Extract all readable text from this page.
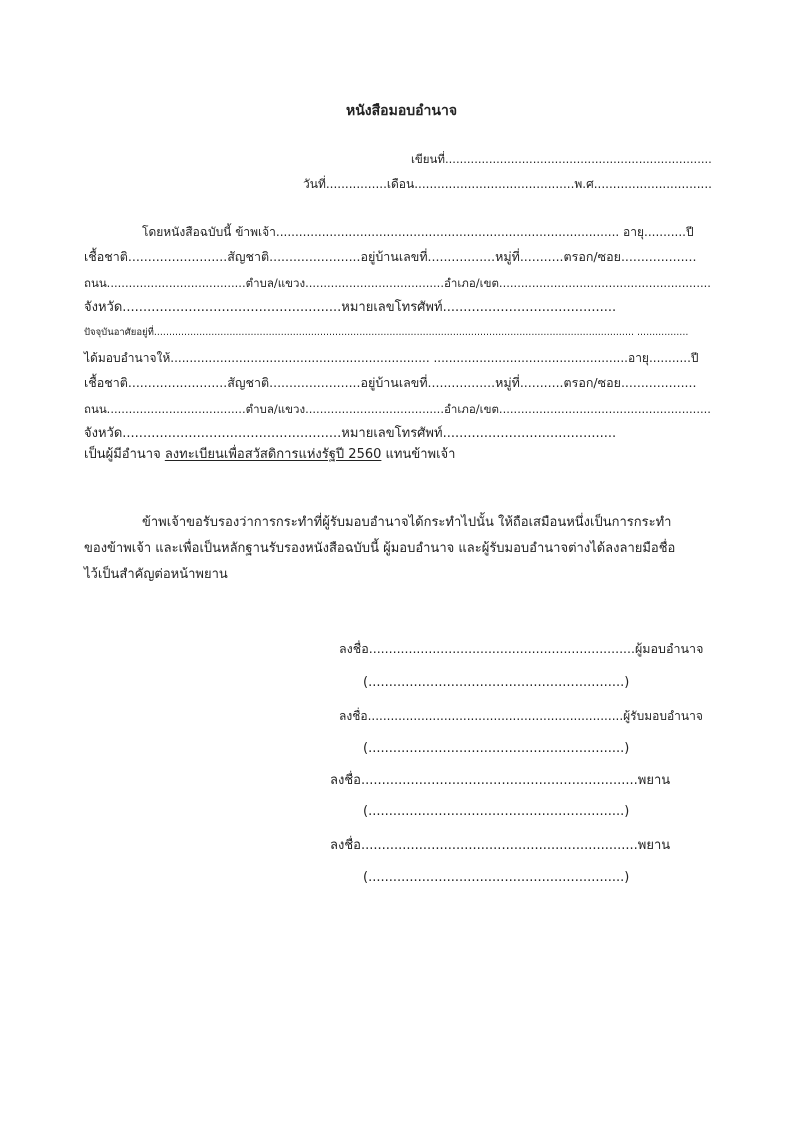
หนังสือมอบอำนาจ
เขียนที่.........................................................................
วันที่................เดือน..........................................พ.ศ...............................
โดยหนังสือฉบับนี้ ข้าพเจ้า.......................................................................................... อายุ...........ปี
เชื้อชาติ.........................สัญชาติ.......................อยู่บ้านเลขที่.................หมู่ที่...........ตรอก/ซอย...................
ถนน......................................ตำบล/แขวง......................................อำเภอ/เขต..........................................................
จังหวัด.....................................................หมายเลขโทรศัพท์..........................................
ปัจจุบันอาศัยอยู่ที่............................................................................................................................................................... .................
ได้มอบอำนาจให้.................................................................... ...................................................อายุ...........ปี
เชื้อชาติ.........................สัญชาติ.......................อยู่บ้านเลขที่.................หมู่ที่...........ตรอก/ซอย...................
ถนน......................................ตำบล/แขวง......................................อำเภอ/เขต..........................................................
จังหวัด.....................................................หมายเลขโทรศัพท์..........................................
เป็นผู้มีอำนาจ ลงทะเบียนเพื่อสวัสดิการแห่งรัฐปี 2560 แทนข้าพเจ้า
ข้าพเจ้าขอรับรองว่าการกระทำที่ผู้รับมอบอำนาจได้กระทำไปนั้น ให้ถือเสมือนหนึ่งเป็นการกระทำ
ของข้าพเจ้า และเพื่อเป็นหลักฐานรับรองหนังสือฉบับนี้ ผู้มอบอำนาจ และผู้รับมอบอำนาจต่างได้ลงลายมือชื่อ
ไว้เป็นสำคัญต่อหน้าพยาน
ลงชื่อ...................................................................ผู้มอบอำนาจ
(..............................................................)
ลงชื่อ...................................................................ผู้รับมอบอำนาจ
(..............................................................)
ลงชื่อ...................................................................พยาน
(..............................................................)
ลงชื่อ...................................................................พยาน
(..............................................................)
